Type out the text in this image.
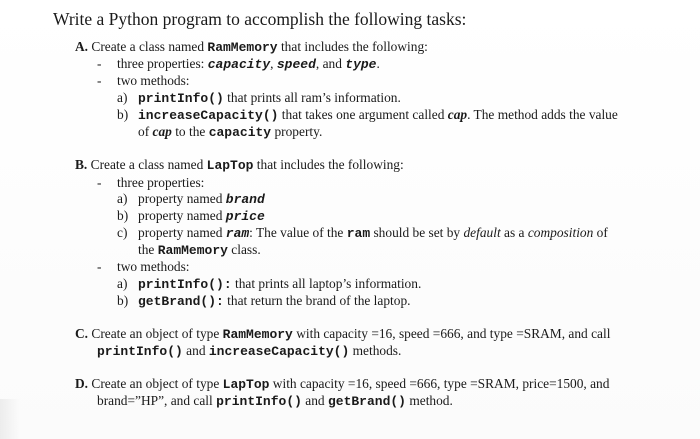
Write a Python program to accomplish the following tasks:
A. Create a class named RamMemory that includes the following:
- three properties: capacity, speed, and type.
- two methods:
a) printInfo() that prints all ram’s information.
b) increaseCapacity() that takes one argument called cap. The method adds the value
of cap to the capacity property.
B. Create a class named LapTop that includes the following:
- three properties:
a) property named brand
b) property named price
c) property named ram: The value of the ram should be set by default as a composition of
the RamMemory class.
- two methods:
a) printInfo(): that prints all laptop’s information.
b) getBrand(): that return the brand of the laptop.
C. Create an object of type RamMemory with capacity =16, speed =666, and type =SRAM, and call
printInfo() and increaseCapacity() methods.
D. Create an object of type LapTop with capacity =16, speed =666, type =SRAM, price=1500, and
brand=”HP”, and call printInfo() and getBrand() method.
